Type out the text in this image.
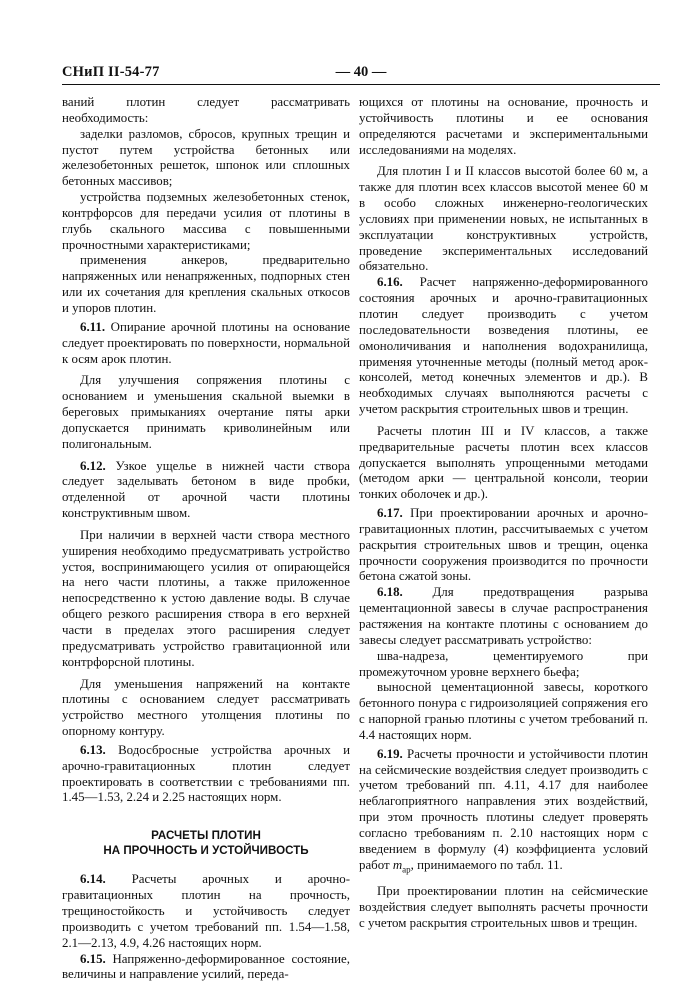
СНиП II-54-77	— 40 —

ваний плотин следует рассматривать необходимость:

заделки разломов, сбросов, крупных трещин и пустот путем устройства бетонных или железобетонных решеток, шпонок или сплошных бетонных массивов;

устройства подземных железобетонных стенок, контрфорсов для передачи усилия от плотины в глубь скального массива с повышенными прочностными характеристиками;

применения анкеров, предварительно напряженных или ненапряженных, подпорных стен или их сочетания для крепления скальных откосов и упоров плотин.

6.11. Опирание арочной плотины на основание следует проектировать по поверхности, нормальной к осям арок плотин.

Для улучшения сопряжения плотины с основанием и уменьшения скальной выемки в береговых примыканиях очертание пяты арки допускается принимать криволинейным или полигональным.

6.12. Узкое ущелье в нижней части створа следует заделывать бетоном в виде пробки, отделенной от арочной части плотины конструктивным швом.

При наличии в верхней части створа местного уширения необходимо предусматривать устройство устоя, воспринимающего усилия от опирающейся на него части плотины, а также приложенное непосредственно к устою давление воды. В случае общего резкого расширения створа в его верхней части в пределах этого расширения следует предусматривать устройство гравитационной или контрфорсной плотины.

Для уменьшения напряжений на контакте плотины с основанием следует рассматривать устройство местного утолщения плотины по опорному контуру.

6.13. Водосбросные устройства арочных и арочно-гравитационных плотин следует проектировать в соответствии с требованиями пп. 1.45—1.53, 2.24 и 2.25 настоящих норм.

РАСЧЕТЫ ПЛОТИН
НА ПРОЧНОСТЬ И УСТОЙЧИВОСТЬ

6.14. Расчеты арочных и арочно-гравитационных плотин на прочность, трещиностойкость и устойчивость следует производить с учетом требований пп. 1.54—1.58, 2.1—2.13, 4.9, 4.26 настоящих норм.

6.15. Напряженно-деформированное состояние, величины и направление усилий, переда-

ющихся от плотины на основание, прочность и устойчивость плотины и ее основания определяются расчетами и экспериментальными исследованиями на моделях.

Для плотин I и II классов высотой более 60 м, а также для плотин всех классов высотой менее 60 м в особо сложных инженерно-геологических условиях при применении новых, не испытанных в эксплуатации конструктивных устройств, проведение экспериментальных исследований обязательно.

6.16. Расчет напряженно-деформированного состояния арочных и арочно-гравитационных плотин следует производить с учетом последовательности возведения плотины, ее омоноличивания и наполнения водохранилища, применяя уточненные методы (полный метод арок-консолей, метод конечных элементов и др.). В необходимых случаях выполняются расчеты с учетом раскрытия строительных швов и трещин.

Расчеты плотин III и IV классов, а также предварительные расчеты плотин всех классов допускается выполнять упрощенными методами (методом арки — центральной консоли, теории тонких оболочек и др.).

6.17. При проектировании арочных и арочно-гравитационных плотин, рассчитываемых с учетом раскрытия строительных швов и трещин, оценка прочности сооружения производится по прочности бетона сжатой зоны.

6.18. Для предотвращения разрыва цементационной завесы в случае распространения растяжения на контакте плотины с основанием до завесы следует рассматривать устройство:

шва-надреза, цементируемого при промежуточном уровне верхнего бьефа;

выносной цементационной завесы, короткого бетонного понура с гидроизоляцией сопряжения его с напорной гранью плотины с учетом требований п. 4.4 настоящих норм.

6.19. Расчеты прочности и устойчивости плотин на сейсмические воздействия следует производить с учетом требований пп. 4.11, 4.17 для наиболее неблагоприятного направления этих воздействий, при этом прочность плотины следует проверять согласно требованиям п. 2.10 настоящих норм с введением в формулу (4) коэффициента условий работ $m_{ар}$, принимаемого по табл. 11.

При проектировании плотин на сейсмические воздействия следует выполнять расчеты прочности с учетом раскрытия строительных швов и трещин.
